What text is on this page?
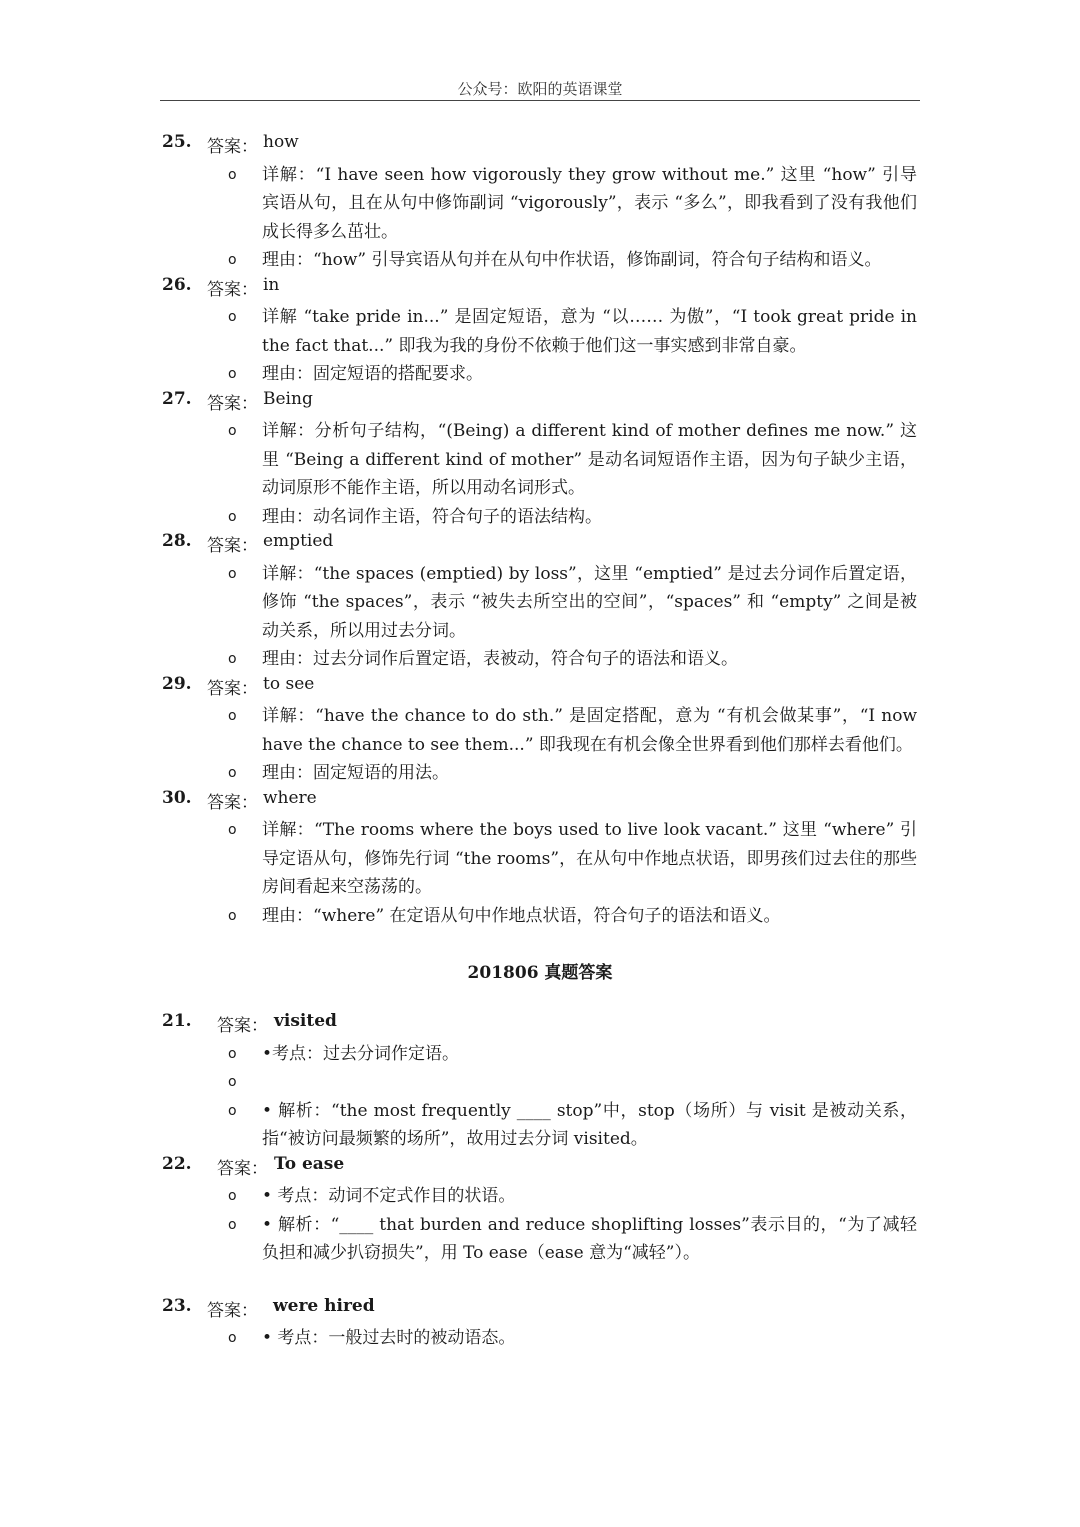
公众号：欧阳的英语课堂
25. 答案： how
o 详解：“I have seen how vigorously they grow without me.” 这里 “how” 引导宾语从句，且在从句中修饰副词 “vigorously”，表示 “多么”，即我看到了没有我他们成长得多么茁壮。
o 理由：“how” 引导宾语从句并在从句中作状语，修饰副词，符合句子结构和语义。
26. 答案： in
o 详解 “take pride in...” 是固定短语，意为 “以…… 为傲”，“I took great pride in the fact that...” 即我为我的身份不依赖于他们这一事实感到非常自豪。
o 理由：固定短语的搭配要求。
27. 答案： Being
o 详解：分析句子结构，“(Being) a different kind of mother defines me now.” 这里 “Being a different kind of mother” 是动名词短语作主语，因为句子缺少主语，动词原形不能作主语，所以用动名词形式。
o 理由：动名词作主语，符合句子的语法结构。
28. 答案： emptied
o 详解：“the spaces (emptied) by loss”，这里 “emptied” 是过去分词作后置定语，修饰 “the spaces”，表示 “被失去所空出的空间”，“spaces” 和 “empty” 之间是被动关系，所以用过去分词。
o 理由：过去分词作后置定语，表被动，符合句子的语法和语义。
29. 答案： to see
o 详解：“have the chance to do sth.” 是固定搭配，意为 “有机会做某事”，“I now have the chance to see them...” 即我现在有机会像全世界看到他们那样去看他们。
o 理由：固定短语的用法。
30. 答案： where
o 详解：“The rooms where the boys used to live look vacant.” 这里 “where” 引导定语从句，修饰先行词 “the rooms”，在从句中作地点状语，即男孩们过去住的那些房间看起来空荡荡的。
o 理由：“where” 在定语从句中作地点状语，符合句子的语法和语义。
201806 真题答案
21. 答案： visited
o •考点：过去分词作定语。
o
o • 解析：“the most frequently ____ stop”中，stop（场所）与 visit 是被动关系，指“被访问最频繁的场所”，故用过去分词 visited。
22. 答案： To ease
o • 考点：动词不定式作目的状语。
o • 解析：“____ that burden and reduce shoplifting losses”表示目的，“为了减轻负担和减少扒窃损失”，用 To ease（ease 意为“减轻”）。
23. 答案： were hired
o • 考点：一般过去时的被动语态。
